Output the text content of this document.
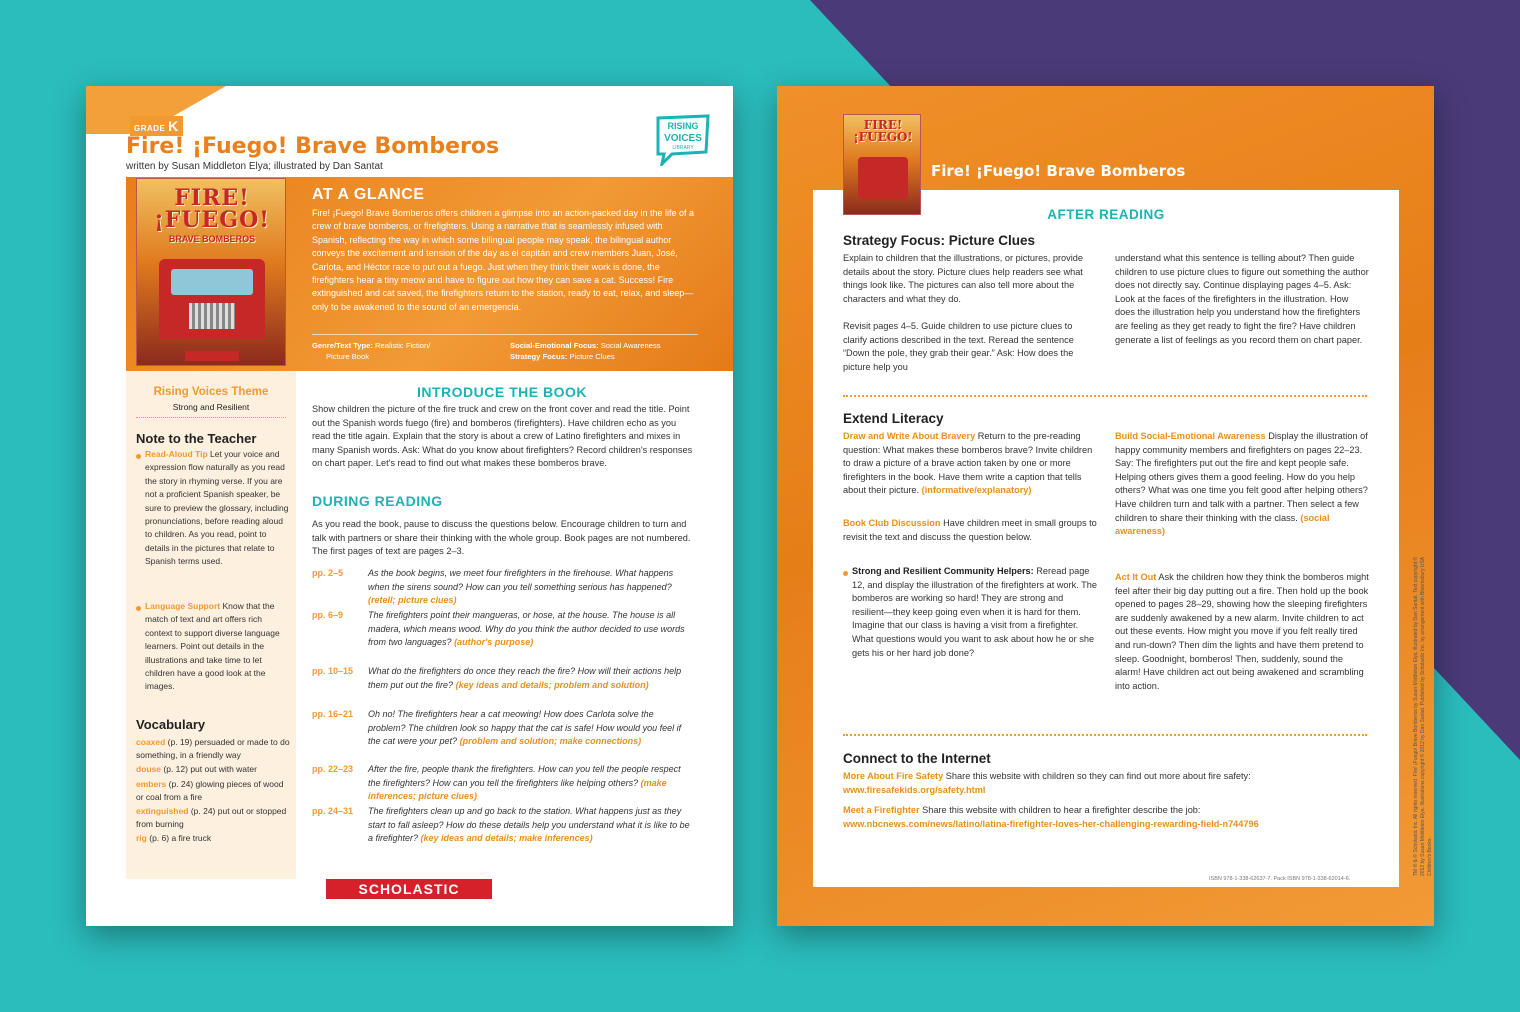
GRADE K
Fire! ¡Fuego! Brave Bomberos
written by Susan Middleton Elya; illustrated by Dan Santat
RISING
VOICES
LIBRARY
FIRE!
¡FUEGO!
BRAVE BOMBEROS
AT A GLANCE
Fire! ¡Fuego! Brave Bomberos offers children a glimpse into an action-packed day in the life of a crew of brave bomberos, or firefighters. Using a narrative that is seamlessly infused with Spanish, reflecting the way in which some bilingual people may speak, the bilingual author conveys the excitement and tension of the day as el capitán and crew members Juan, José, Carlota, and Héctor race to put out a fuego. Just when they think their work is done, the firefighters hear a tiny meow and have to figure out how they can save a cat. Success! Fire extinguished and cat saved, the firefighters return to the station, ready to eat, relax, and sleep—only to be awakened to the sound of an emergencia.
Genre/Text Type: Realistic Fiction/
Picture Book
Social-Emotional Focus: Social Awareness
Strategy Focus: Picture Clues
Rising Voices Theme
Strong and Resilient
Note to the Teacher
Read-Aloud Tip Let your voice and expression flow naturally as you read the story in rhyming verse. If you are not a proficient Spanish speaker, be sure to preview the glossary, including pronunciations, before reading aloud to children. As you read, point to details in the pictures that relate to Spanish terms used.
Language Support Know that the match of text and art offers rich context to support diverse language learners. Point out details in the illustrations and take time to let children have a good look at the images.
Vocabulary
coaxed (p. 19) persuaded or made to do something, in a friendly way
douse (p. 12) put out with water
embers (p. 24) glowing pieces of wood or coal from a fire
extinguished (p. 24) put out or stopped from burning
rig (p. 6) a fire truck
INTRODUCE THE BOOK
Show children the picture of the fire truck and crew on the front cover and read the title. Point out the Spanish words fuego (fire) and bomberos (firefighters). Have children echo as you read the title again. Explain that the story is about a crew of Latino firefighters and mixes in many Spanish words. Ask: What do you know about firefighters? Record children's responses on chart paper. Let's read to find out what makes these bomberos brave.
DURING READING
As you read the book, pause to discuss the questions below. Encourage children to turn and talk with partners or share their thinking with the whole group. Book pages are not numbered. The first pages of text are pages 2–3.
pp. 2–5	As the book begins, we meet four firefighters in the firehouse. What happens when the sirens sound? How can you tell something serious has happened? (retell; picture clues)
pp. 6–9	The firefighters point their mangueras, or hose, at the house. The house is all madera, which means wood. Why do you think the author decided to use words from two languages? (author's purpose)
pp. 10–15 What do the firefighters do once they reach the fire? How will their actions help them put out the fire? (key ideas and details; problem and solution)
pp. 16–21 Oh no! The firefighters hear a cat meowing! How does Carlota solve the problem? The children look so happy that the cat is safe! How would you feel if the cat were your pet? (problem and solution; make connections)
pp. 22–23 After the fire, people thank the firefighters. How can you tell the people respect the firefighters? How can you tell the firefighters like helping others? (make inferences; picture clues)
pp. 24–31 The firefighters clean up and go back to the station. What happens just as they start to fall asleep? How do these details help you understand what it is like to be a firefighter? (key ideas and details; make inferences)
SCHOLASTIC
FIRE!
¡FUEGO!
Fire! ¡Fuego! Brave Bomberos
AFTER READING
Strategy Focus: Picture Clues
Explain to children that the illustrations, or pictures, provide details about the story. Picture clues help readers see what things look like. The pictures can also tell more about the characters and what they do.

Revisit pages 4–5. Guide children to use picture clues to clarify actions described in the text. Reread the sentence “Down the pole, they grab their gear.” Ask: How does the picture help you
understand what this sentence is telling about? Then guide children to use picture clues to figure out something the author does not directly say. Continue displaying pages 4–5. Ask: Look at the faces of the firefighters in the illustration. How does the illustration help you understand how the firefighters are feeling as they get ready to fight the fire? Have children generate a list of feelings as you record them on chart paper.
Extend Literacy
Draw and Write About Bravery Return to the pre-reading question: What makes these bomberos brave? Invite children to draw a picture of a brave action taken by one or more firefighters in the book. Have them write a caption that tells about their picture. (informative/explanatory)
Book Club Discussion Have children meet in small groups to revisit the text and discuss the question below.
Strong and Resilient Community Helpers: Reread page 12, and display the illustration of the firefighters at work. The bomberos are working so hard! They are strong and resilient—they keep going even when it is hard for them. Imagine that our class is having a visit from a firefighter. What questions would you want to ask about how he or she gets his or her hard job done?
Build Social-Emotional Awareness Display the illustration of happy community members and firefighters on pages 22–23. Say: The firefighters put out the fire and kept people safe. Helping others gives them a good feeling. How do you help others? What was one time you felt good after helping others? Have children turn and talk with a partner. Then select a few children to share their thinking with the class. (social awareness)
Act It Out Ask the children how they think the bomberos might feel after their big day putting out a fire. Then hold up the book opened to pages 28–29, showing how the sleeping firefighters are suddenly awakened by a new alarm. Invite children to act out these events. How might you move if you felt really tired and run-down? Then dim the lights and have them pretend to sleep. Goodnight, bomberos! Then, suddenly, sound the alarm! Have children act out being awakened and scrambling into action.
Connect to the Internet
More About Fire Safety Share this website with children so they can find out more about fire safety:
www.firesafekids.org/safety.html
Meet a Firefighter Share this website with children to hear a firefighter describe the job:
www.nbcnews.com/news/latino/latina-firefighter-loves-her-challenging-rewarding-field-n744796
ISBN 978-1-338-62637-7. Pack ISBN 978-1-338-62014-6.
TM ® & © Scholastic Inc. All rights reserved. Fire! ¡Fuego! Brave Bomberos by Susan Middleton Elya, illustrated by Dan Santat. Text copyright © 2012 by Susan Middleton Elya. Illustrations copyright © 2012 by Dan Santat. Published by Scholastic Inc. by arrangement with Bloomsbury USA Children's Books.
